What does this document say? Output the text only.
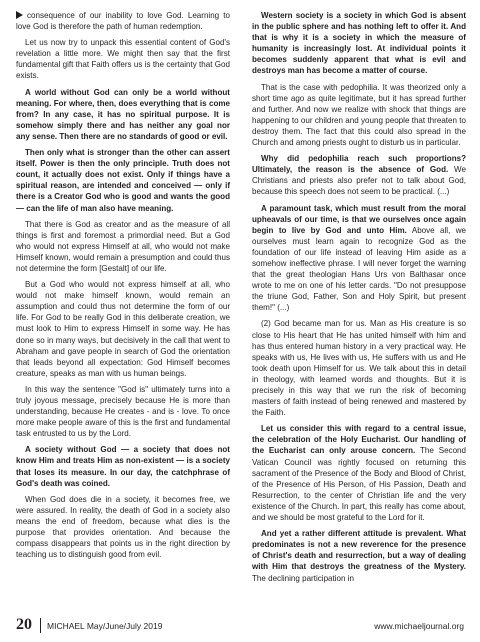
consequence of our inability to love God. Learning to love God is therefore the path of human redemption.

Let us now try to unpack this essential content of God's revelation a little more. We might then say that the first fundamental gift that Faith offers us is the certainty that God exists.

A world without God can only be a world without meaning. For where, then, does everything that is come from? In any case, it has no spiritual purpose. It is somehow simply there and has neither any goal nor any sense. Then there are no standards of good or evil.

Then only what is stronger than the other can assert itself. Power is then the only principle. Truth does not count, it actually does not exist. Only if things have a spiritual reason, are intended and conceived — only if there is a Creator God who is good and wants the good — can the life of man also have meaning.

That there is God as creator and as the measure of all things is first and foremost a primordial need. But a God who would not express Himself at all, who would not make Himself known, would remain a presumption and could thus not determine the form [Gestalt] of our life.

But a God who would not express himself at all, who would not make himself known, would remain an assumption and could thus not determine the form of our life. For God to be really God in this deliberate creation, we must look to Him to express Himself in some way. He has done so in many ways, but decisively in the call that went to Abraham and gave people in search of God the orientation that leads beyond all expectation: God Himself becomes creature, speaks as man with us human beings.

In this way the sentence "God is" ultimately turns into a truly joyous message, precisely because He is more than understanding, because He creates - and is - love. To once more make people aware of this is the first and fundamental task entrusted to us by the Lord.

A society without God — a society that does not know Him and treats Him as non-existent — is a society that loses its measure. In our day, the catchphrase of God's death was coined.

When God does die in a society, it becomes free, we were assured. In reality, the death of God in a society also means the end of freedom, because what dies is the purpose that provides orientation. And because the compass disappears that points us in the right direction by teaching us to distinguish good from evil.

Western society is a society in which God is absent in the public sphere and has nothing left to offer it. And that is why it is a society in which the measure of humanity is increasingly lost. At individual points it becomes suddenly apparent that what is evil and destroys man has become a matter of course.

That is the case with pedophilia. It was theorized only a short time ago as quite legitimate, but it has spread further and further. And now we realize with shock that things are happening to our children and young people that threaten to destroy them. The fact that this could also spread in the Church and among priests ought to disturb us in particular.

Why did pedophilia reach such proportions? Ultimately, the reason is the absence of God. We Christians and priests also prefer not to talk about God, because this speech does not seem to be practical. (...)

A paramount task, which must result from the moral upheavals of our time, is that we ourselves once again begin to live by God and unto Him. Above all, we ourselves must learn again to recognize God as the foundation of our life instead of leaving Him aside as a somehow ineffective phrase. I will never forget the warning that the great theologian Hans Urs von Balthasar once wrote to me on one of his letter cards. "Do not presuppose the triune God, Father, Son and Holy Spirit, but present them!" (...)

(2) God became man for us. Man as His creature is so close to His heart that He has united himself with him and has thus entered human history in a very practical way. He speaks with us, He lives with us, He suffers with us and He took death upon Himself for us. We talk about this in detail in theology, with learned words and thoughts. But it is precisely in this way that we run the risk of becoming masters of faith instead of being renewed and mastered by the Faith.

Let us consider this with regard to a central issue, the celebration of the Holy Eucharist. Our handling of the Eucharist can only arouse concern. The Second Vatican Council was rightly focused on returning this sacrament of the Presence of the Body and Blood of Christ, of the Presence of His Person, of His Passion, Death and Resurrection, to the center of Christian life and the very existence of the Church. In part, this really has come about, and we should be most grateful to the Lord for it.

And yet a rather different attitude is prevalent. What predominates is not a new reverence for the presence of Christ's death and resurrection, but a way of dealing with Him that destroys the greatness of the Mystery. The declining participation in

20 MICHAEL May/June/July 2019	www.michaeljournal.org
